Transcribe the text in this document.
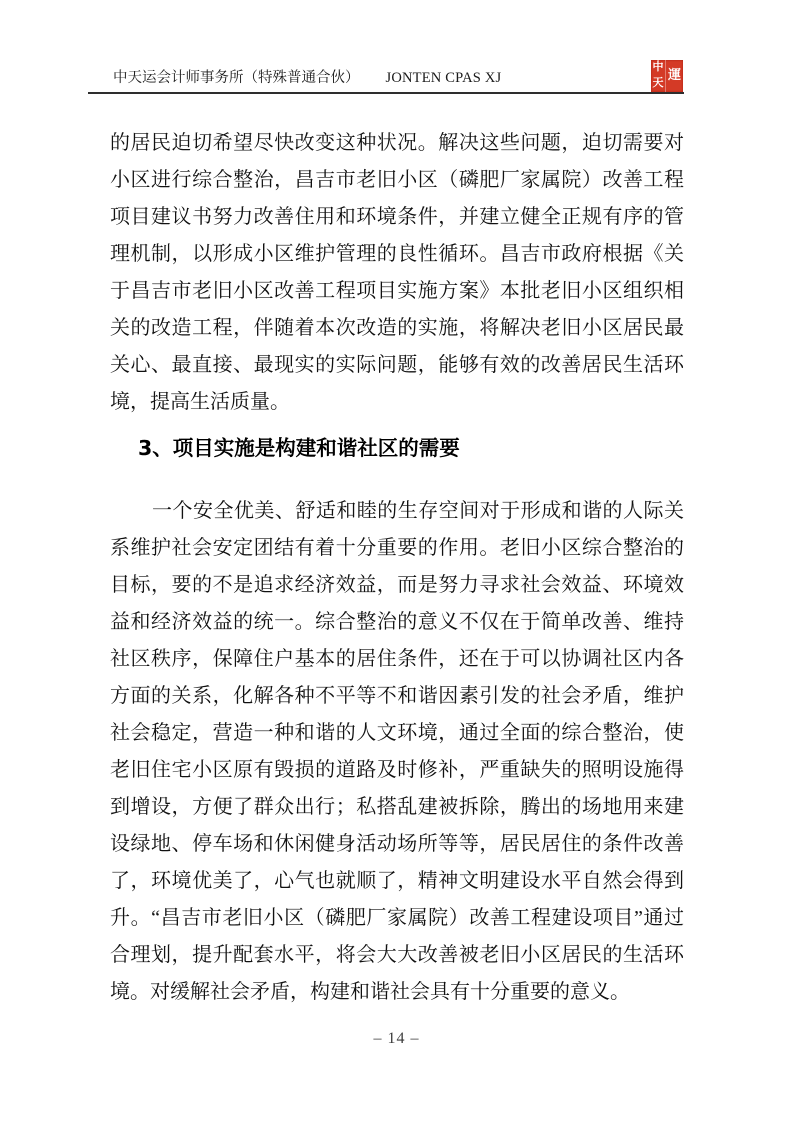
中天运会计师事务所（特殊普通合伙） JONTEN CPAS XJ
中 運
天

的居民迫切希望尽快改变这种状况。解决这些问题，迫切需要对小区进行综合整治，昌吉市老旧小区（磷肥厂家属院）改善工程项目建议书努力改善住用和环境条件，并建立健全正规有序的管理机制，以形成小区维护管理的良性循环。昌吉市政府根据《关于昌吉市老旧小区改善工程项目实施方案》本批老旧小区组织相关的改造工程，伴随着本次改造的实施，将解决老旧小区居民最关心、最直接、最现实的实际问题，能够有效的改善居民生活环境，提高生活质量。

3、项目实施是构建和谐社区的需要

一个安全优美、舒适和睦的生存空间对于形成和谐的人际关系维护社会安定团结有着十分重要的作用。老旧小区综合整治的目标，要的不是追求经济效益，而是努力寻求社会效益、环境效益和经济效益的统一。综合整治的意义不仅在于简单改善、维持社区秩序，保障住户基本的居住条件，还在于可以协调社区内各方面的关系，化解各种不平等不和谐因素引发的社会矛盾，维护社会稳定，营造一种和谐的人文环境，通过全面的综合整治，使老旧住宅小区原有毁损的道路及时修补，严重缺失的照明设施得到增设，方便了群众出行；私搭乱建被拆除，腾出的场地用来建设绿地、停车场和休闲健身活动场所等等，居民居住的条件改善了，环境优美了，心气也就顺了，精神文明建设水平自然会得到升。“昌吉市老旧小区（磷肥厂家属院）改善工程建设项目”通过合理划，提升配套水平，将会大大改善被老旧小区居民的生活环境。对缓解社会矛盾，构建和谐社会具有十分重要的意义。

– 14 –
